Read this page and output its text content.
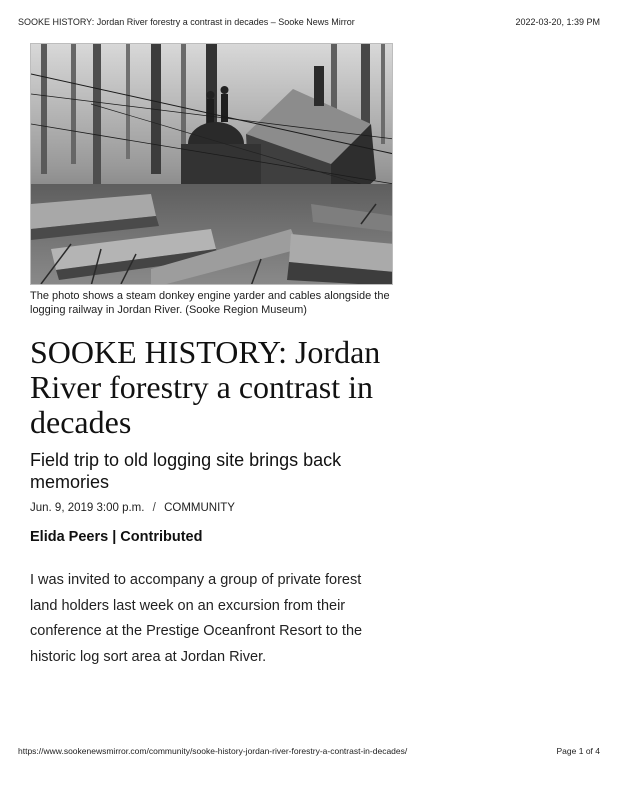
SOOKE HISTORY: Jordan River forestry a contrast in decades – Sooke News Mirror	2022-03-20, 1:39 PM
The photo shows a steam donkey engine yarder and cables alongside the logging railway in Jordan River. (Sooke Region Museum)
SOOKE HISTORY: Jordan River forestry a contrast in decades
Field trip to old logging site brings back memories
Jun. 9, 2019 3:00 p.m. / COMMUNITY
Elida Peers | Contributed

I was invited to accompany a group of private forest land holders last week on an excursion from their conference at the Prestige Oceanfront Resort to the historic log sort area at Jordan River.

https://www.sookenewsmirror.com/community/sooke-history-jordan-river-forestry-a-contrast-in-decades/	Page 1 of 4
